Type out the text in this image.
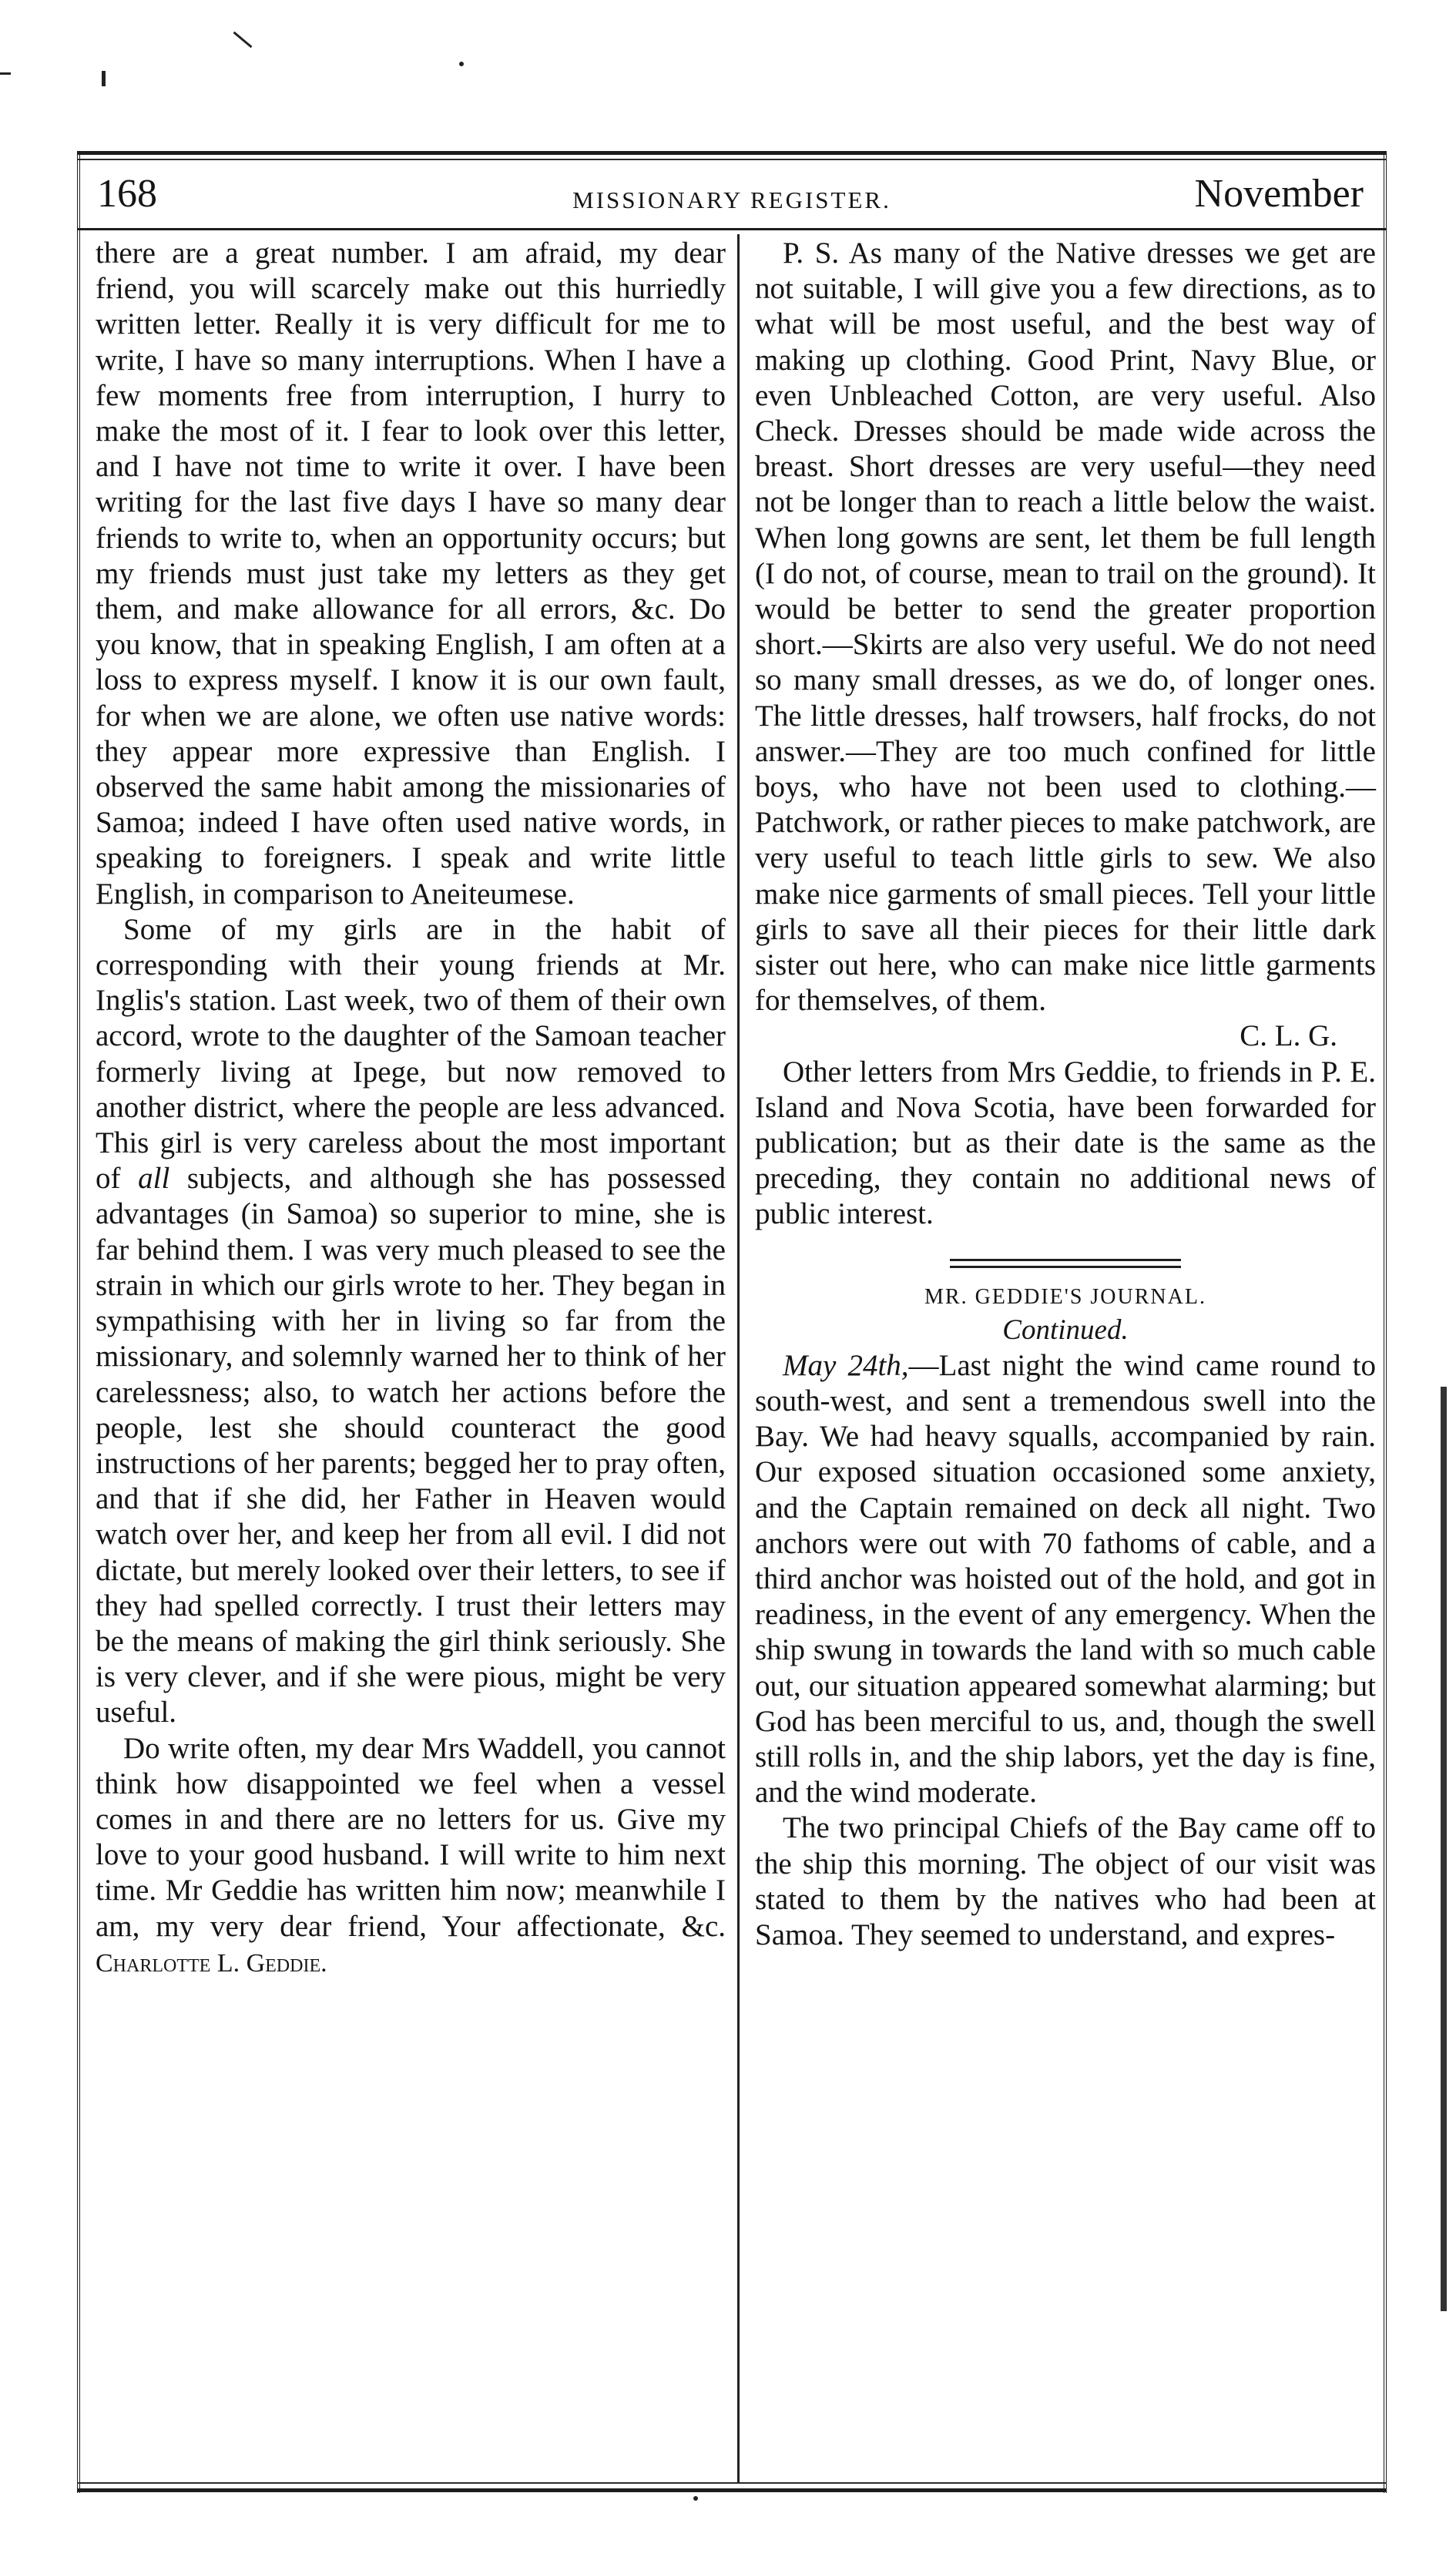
168	MISSIONARY REGISTER.	November

there are a great number. I am afraid, my dear friend, you will scarcely make out this hurriedly written letter. Really it is very difficult for me to write, I have so many interruptions. When I have a few moments free from interruption, I hurry to make the most of it. I fear to look over this letter, and I have not time to write it over. I have been writing for the last five days I have so many dear friends to write to, when an opportunity occurs; but my friends must just take my letters as they get them, and make allowance for all errors, &c. Do you know, that in speaking English, I am often at a loss to express myself. I know it is our own fault, for when we are alone, we often use native words: they appear more expressive than English. I observed the same habit among the missionaries of Samoa; indeed I have often used native words, in speaking to foreigners. I speak and write little English, in comparison to Aneiteumese.

Some of my girls are in the habit of corresponding with their young friends at Mr. Inglis's station. Last week, two of them of their own accord, wrote to the daughter of the Samoan teacher formerly living at Ipege, but now removed to another district, where the people are less advanced. This girl is very careless about the most important of all subjects, and although she has possessed advantages (in Samoa) so superior to mine, she is far behind them. I was very much pleased to see the strain in which our girls wrote to her. They began in sympathising with her in living so far from the missionary, and solemnly warned her to think of her carelessness; also, to watch her actions before the people, lest she should counteract the good instructions of her parents; begged her to pray often, and that if she did, her Father in Heaven would watch over her, and keep her from all evil. I did not dictate, but merely looked over their letters, to see if they had spelled correctly. I trust their letters may be the means of making the girl think seriously. She is very clever, and if she were pious, might be very useful.

Do write often, my dear Mrs Waddell, you cannot think how disappointed we feel when a vessel comes in and there are no letters for us. Give my love to your good husband. I will write to him next time. Mr Geddie has written him now; meanwhile I am, my very dear friend, Your affectionate, &c. Charlotte L. Geddie.

P. S. As many of the Native dresses we get are not suitable, I will give you a few directions, as to what will be most useful, and the best way of making up clothing. Good Print, Navy Blue, or even Unbleached Cotton, are very useful. Also Check. Dresses should be made wide across the breast. Short dresses are very useful—they need not be longer than to reach a little below the waist. When long gowns are sent, let them be full length (I do not, of course, mean to trail on the ground). It would be better to send the greater proportion short.—Skirts are also very useful. We do not need so many small dresses, as we do, of longer ones. The little dresses, half trowsers, half frocks, do not answer.—They are too much confined for little boys, who have not been used to clothing.—Patchwork, or rather pieces to make patchwork, are very useful to teach little girls to sew. We also make nice garments of small pieces. Tell your little girls to save all their pieces for their little dark sister out here, who can make nice little garments for themselves, of them.

C. L. G.

Other letters from Mrs Geddie, to friends in P. E. Island and Nova Scotia, have been forwarded for publication; but as their date is the same as the preceding, they contain no additional news of public interest.

MR. GEDDIE'S JOURNAL.

Continued.

May 24th,—Last night the wind came round to south-west, and sent a tremendous swell into the Bay. We had heavy squalls, accompanied by rain. Our exposed situation occasioned some anxiety, and the Captain remained on deck all night. Two anchors were out with 70 fathoms of cable, and a third anchor was hoisted out of the hold, and got in readiness, in the event of any emergency. When the ship swung in towards the land with so much cable out, our situation appeared somewhat alarming; but God has been merciful to us, and, though the swell still rolls in, and the ship labors, yet the day is fine, and the wind moderate.

The two principal Chiefs of the Bay came off to the ship this morning. The object of our visit was stated to them by the natives who had been at Samoa. They seemed to understand, and expres-
